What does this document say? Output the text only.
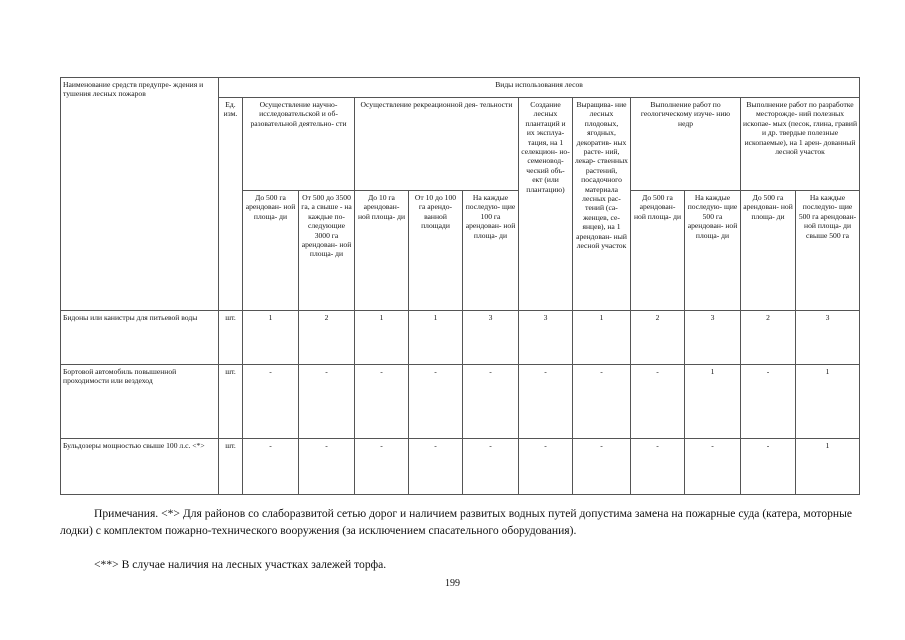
Наименование средств предупре- ждения и тушения лесных пожаров	Виды использования лесов											
	Ед. изм.	Осуществление научно- исследовательской и об- разовательной деятельно- сти		Осуществление рекреационной дея- тельности			Создание лесных плантаций и их эксплуа- тация, на 1 селекцион- но- семеновод- ческий объ- ект (или плантацию)	Выращива- ние лесных плодовых, ягодных, декоратив- ных расте- ний, лекар- ственных растений, посадочного материала лесных рас- тений (са- женцев, се- янцев), на 1 арендован- ный лесной участок	Выполнение работ по геологическому изуче- нию недр		Выполнение работ по разработке месторожде- ний полезных ископае- мых (песок, глина, гравий и др. твердые полезные ископаемые), на 1 арен- дованный лесной участок	
		До 500 га арендован- ной площа- ди	От 500 до 3500 га, а свыше - на каждые по- следующие 3000 га арендован- ной площа- ди	До 10 га арендован- ной площа- ди	От 10 до 100 га арендо- ванной площади	На каждые последую- щие 100 га арендован- ной площа- ди			До 500 га арендован- ной площа- ди	На каждые последую- щие 500 га арендован- ной площа- ди	До 500 га арендован- ной площа- ди	На каждые последую- щие 500 га арендован- ной площа- ди свыше 500 га
Бидоны или канистры для питьевой воды	шт.	1	2	1	1	3	3	1	2	3	2	3
Бортовой автомобиль повышенной проходимости или вездеход	шт.	-	-	-	-	-	-	-	-	1	-	1
Бульдозеры мощностью свыше 100 л.с. <*>	шт.	-	-	-	-	-	-	-	-	-	-	1

Примечания. <*> Для районов со слаборазвитой сетью дорог и наличием развитых водных путей допустима замена на пожарные суда (катера, моторные лодки) с комплектом пожарно-технического вооружения (за исключением спасательного оборудования).

<**> В случае наличия на лесных участках залежей торфа.

199
